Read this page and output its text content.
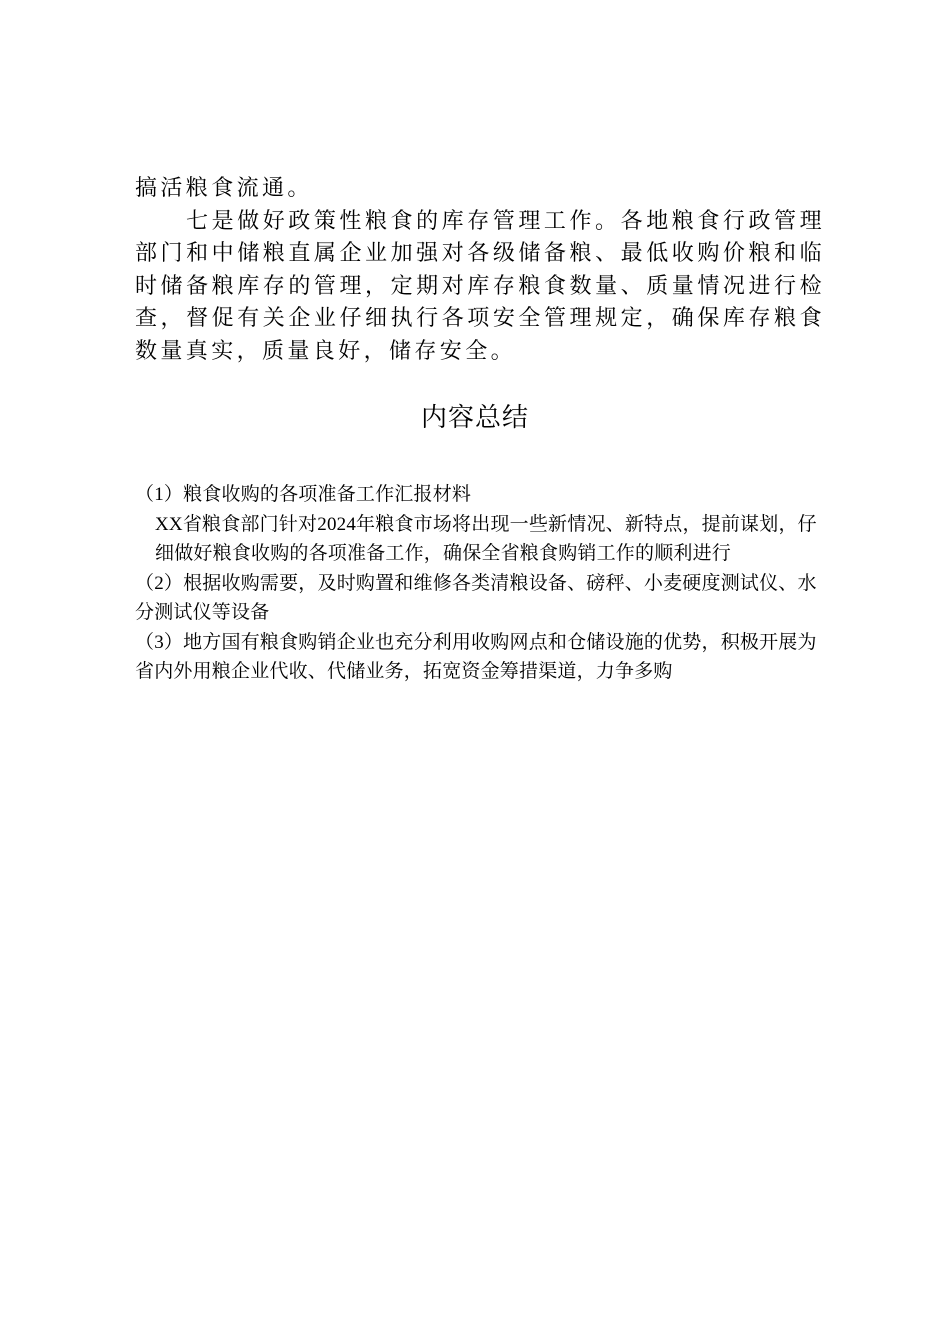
搞活粮食流通。

七是做好政策性粮食的库存管理工作。各地粮食行政管理部门和中储粮直属企业加强对各级储备粮、最低收购价粮和临时储备粮库存的管理，定期对库存粮食数量、质量情况进行检查，督促有关企业仔细执行各项安全管理规定，确保库存粮食数量真实，质量良好，储存安全。

内容总结

（1）粮食收购的各项准备工作汇报材料

XX省粮食部门针对2024年粮食市场将出现一些新情况、新特点，提前谋划，仔细做好粮食收购的各项准备工作，确保全省粮食购销工作的顺利进行

（2）根据收购需要，及时购置和维修各类清粮设备、磅秤、小麦硬度测试仪、水分测试仪等设备

（3）地方国有粮食购销企业也充分利用收购网点和仓储设施的优势，积极开展为省内外用粮企业代收、代储业务，拓宽资金筹措渠道，力争多购
